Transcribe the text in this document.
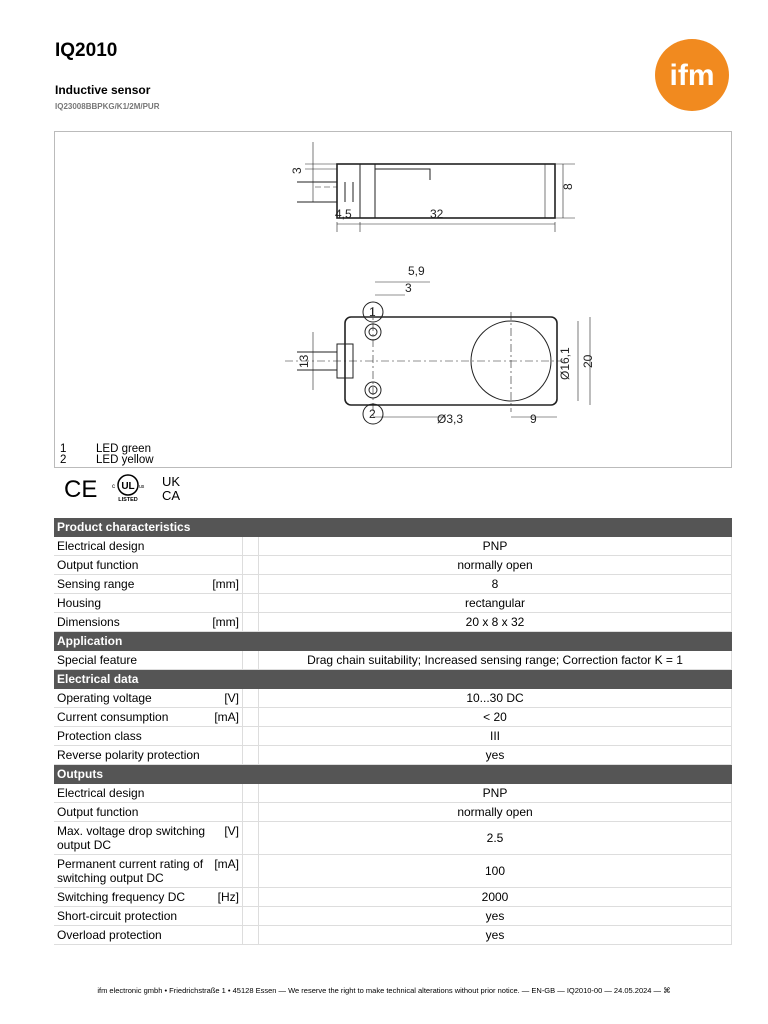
IQ2010
Inductive sensor
IQ23008BBPKG/K1/2M/PUR
ifm
3
8
4,5	32
5,9
3
13	Ø16,1 20
Ø3,3	9
1
2
1	LED green
2	LED yellow
CE UL
c	us
LISTED
UK
CA
Product characteristics
Electrical design	PNP
Output function	normally open
Sensing range	[mm]	8
Housing	rectangular
Dimensions	[mm]	20 x 8 x 32
Application
Special feature	Drag chain suitability; Increased sensing range; Correction factor K = 1
Electrical data
Operating voltage	[V]	10...30 DC
Current consumption	[mA]	< 20
Protection class	III
Reverse polarity protection	yes
Outputs
Electrical design	PNP
Output function	normally open
Max. voltage drop switching output DC
[V]	2.5
Permanent current rating of switching output DC
[mA]	100
Switching frequency DC	[Hz]	2000
Short-circuit protection	yes
Overload protection	yes
ifm electronic gmbh • Friedrichstraße 1 • 45128 Essen — We reserve the right to make technical alterations without prior notice. — EN-GB — IQ2010-00 — 24.05.2024 — ⌘
